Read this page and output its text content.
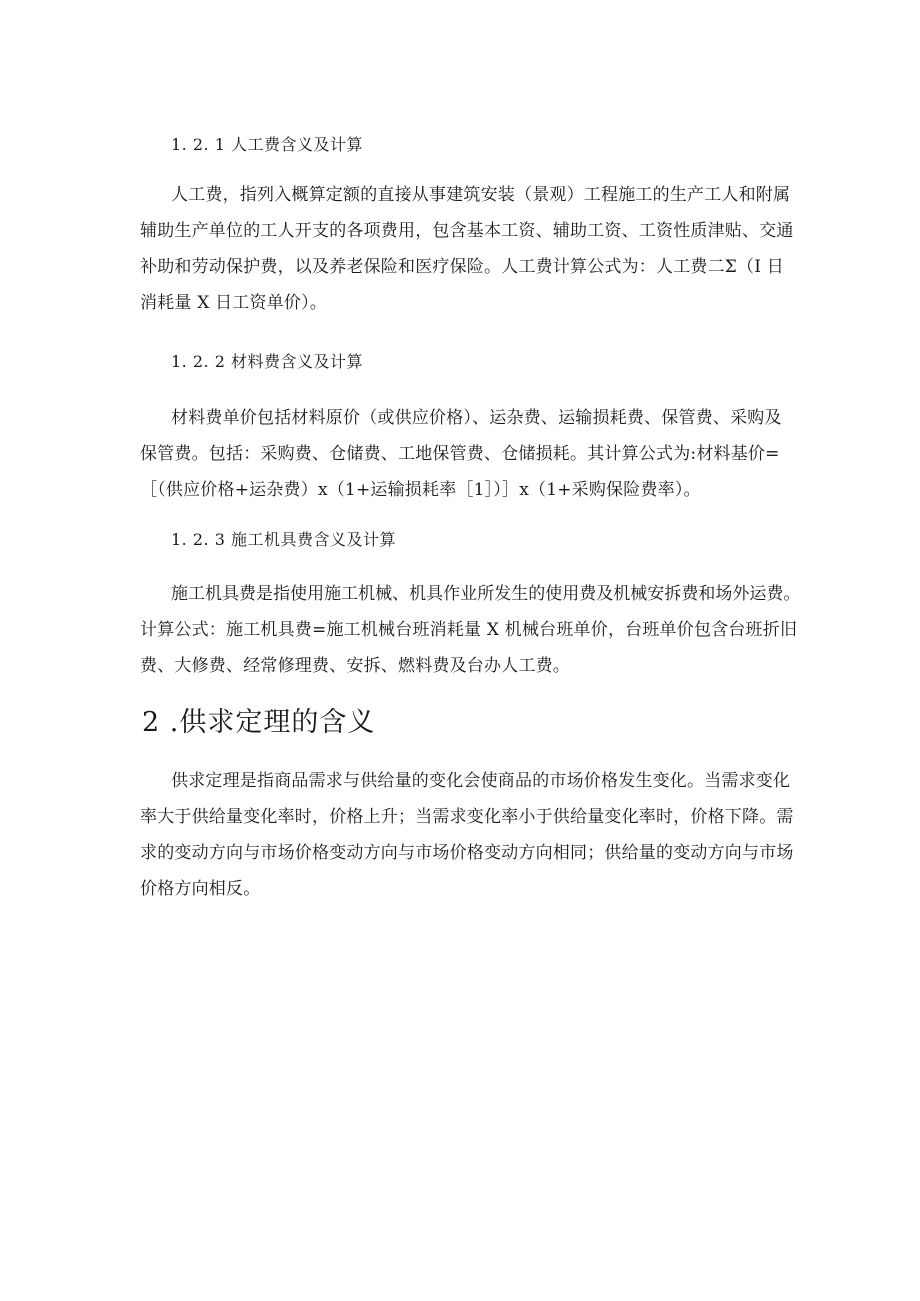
1. 2. 1 人工费含义及计算
人工费，指列入概算定额的直接从事建筑安装（景观）工程施工的生产工人和附属
辅助生产单位的工人开支的各项费用，包含基本工资、辅助工资、工资性质津贴、交通
补助和劳动保护费，以及养老保险和医疗保险。人工费计算公式为：人工费二Σ（I 日
消耗量 X 日工资单价）。
1. 2. 2 材料费含义及计算
材料费单价包括材料原价（或供应价格）、运杂费、运输损耗费、保管费、采购及
保管费。包括：采购费、仓储费、工地保管费、仓储损耗。其计算公式为:材料基价=
［（供应价格+运杂费）x（1+运输损耗率［1］）］x（1+采购保险费率）。
1. 2. 3 施工机具费含义及计算
施工机具费是指使用施工机械、机具作业所发生的使用费及机械安拆费和场外运费。
计算公式：施工机具费=施工机械台班消耗量 X 机械台班单价，台班单价包含台班折旧
费、大修费、经常修理费、安拆、燃料费及台办人工费。
2 .供求定理的含义
供求定理是指商品需求与供给量的变化会使商品的市场价格发生变化。当需求变化
率大于供给量变化率时，价格上升；当需求变化率小于供给量变化率时，价格下降。需
求的变动方向与市场价格变动方向与市场价格变动方向相同；供给量的变动方向与市场
价格方向相反。
